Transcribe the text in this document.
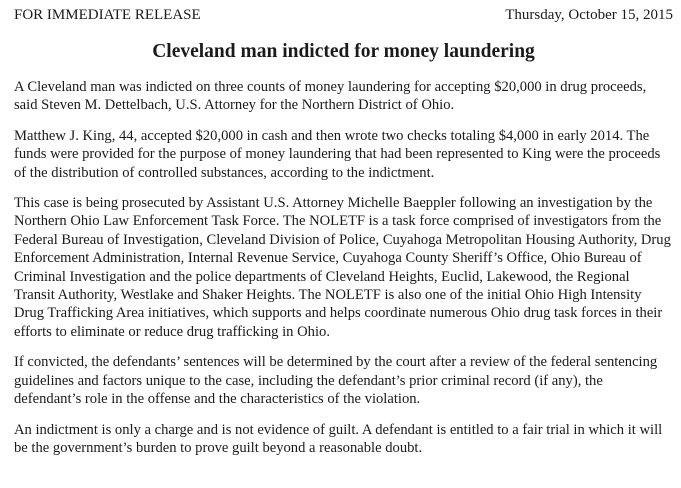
FOR IMMEDIATE RELEASE	Thursday, October 15, 2015
Cleveland man indicted for money laundering

A Cleveland man was indicted on three counts of money laundering for accepting $20,000 in drug proceeds, said Steven M. Dettelbach, U.S. Attorney for the Northern District of Ohio.

Matthew J. King, 44, accepted $20,000 in cash and then wrote two checks totaling $4,000 in early 2014. The funds were provided for the purpose of money laundering that had been represented to King were the proceeds of the distribution of controlled substances, according to the indictment.

This case is being prosecuted by Assistant U.S. Attorney Michelle Baeppler following an investigation by the Northern Ohio Law Enforcement Task Force. The NOLETF is a task force comprised of investigators from the Federal Bureau of Investigation, Cleveland Division of Police, Cuyahoga Metropolitan Housing Authority, Drug Enforcement Administration, Internal Revenue Service, Cuyahoga County Sheriff’s Office, Ohio Bureau of Criminal Investigation and the police departments of Cleveland Heights, Euclid, Lakewood, the Regional Transit Authority, Westlake and Shaker Heights. The NOLETF is also one of the initial Ohio High Intensity Drug Trafficking Area initiatives, which supports and helps coordinate numerous Ohio drug task forces in their efforts to eliminate or reduce drug trafficking in Ohio.

If convicted, the defendants’ sentences will be determined by the court after a review of the federal sentencing guidelines and factors unique to the case, including the defendant’s prior criminal record (if any), the defendant’s role in the offense and the characteristics of the violation.

An indictment is only a charge and is not evidence of guilt. A defendant is entitled to a fair trial in which it will be the government’s burden to prove guilt beyond a reasonable doubt.
